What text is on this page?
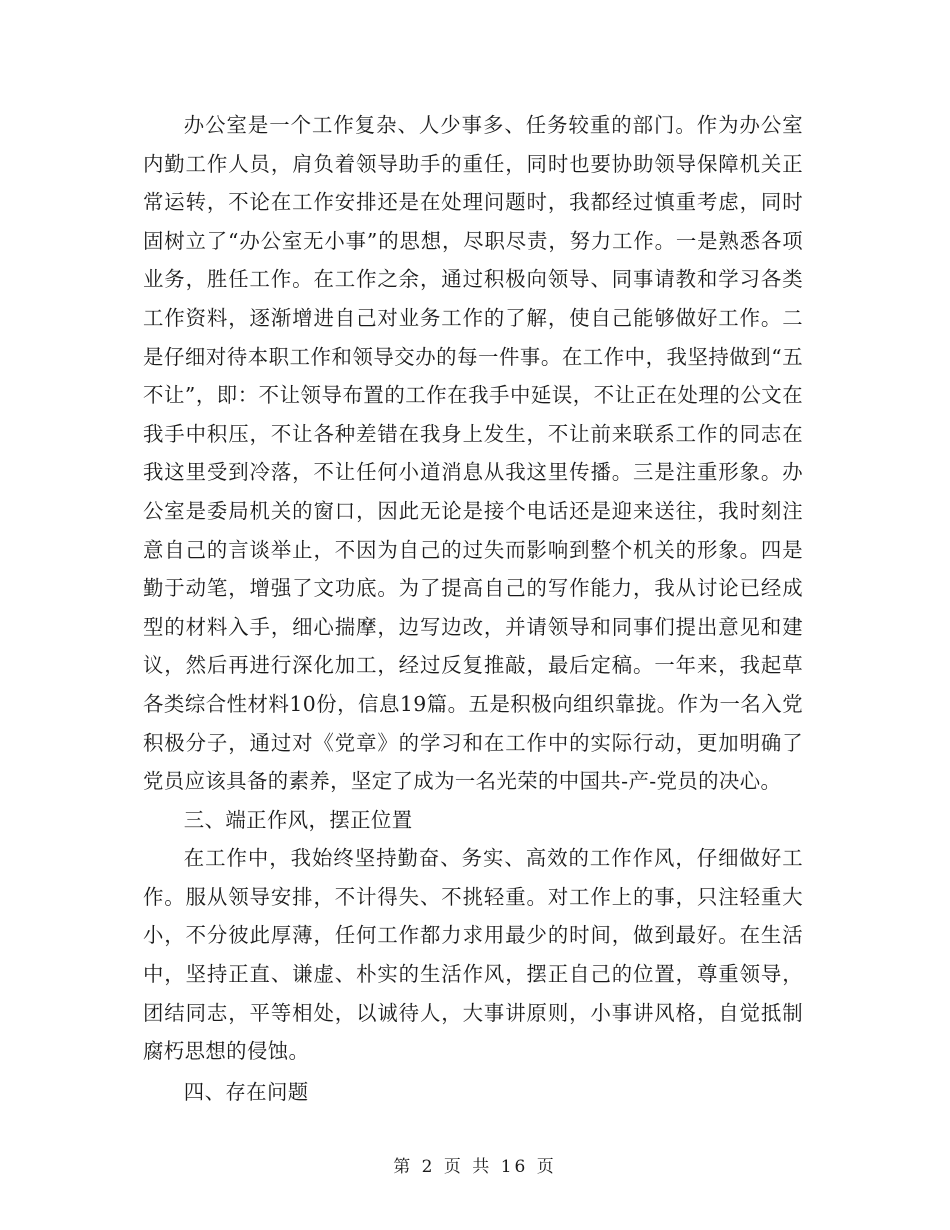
办公室是一个工作复杂、人少事多、任务较重的部门。作为办公室内勤工作人员，肩负着领导助手的重任，同时也要协助领导保障机关正常运转，不论在工作安排还是在处理问题时，我都经过慎重考虑，同时固树立了“办公室无小事”的思想，尽职尽责，努力工作。一是熟悉各项业务，胜任工作。在工作之余，通过积极向领导、同事请教和学习各类工作资料，逐渐增进自己对业务工作的了解，使自己能够做好工作。二是仔细对待本职工作和领导交办的每一件事。在工作中，我坚持做到“五不让”，即：不让领导布置的工作在我手中延误，不让正在处理的公文在我手中积压，不让各种差错在我身上发生，不让前来联系工作的同志在我这里受到冷落，不让任何小道消息从我这里传播。三是注重形象。办公室是委局机关的窗口，因此无论是接个电话还是迎来送往，我时刻注意自己的言谈举止，不因为自己的过失而影响到整个机关的形象。四是勤于动笔，增强了文功底。为了提高自己的写作能力，我从讨论已经成型的材料入手，细心揣摩，边写边改，并请领导和同事们提出意见和建议，然后再进行深化加工，经过反复推敲，最后定稿。一年来，我起草各类综合性材料10份，信息19篇。五是积极向组织靠拢。作为一名入党积极分子，通过对《党章》的学习和在工作中的实际行动，更加明确了党员应该具备的素养，坚定了成为一名光荣的中国共-产-党员的决心。

三、端正作风，摆正位置

在工作中，我始终坚持勤奋、务实、高效的工作作风，仔细做好工作。服从领导安排，不计得失、不挑轻重。对工作上的事，只注轻重大小，不分彼此厚薄，任何工作都力求用最少的时间，做到最好。在生活中，坚持正直、谦虚、朴实的生活作风，摆正自己的位置，尊重领导，团结同志，平等相处，以诚待人，大事讲原则，小事讲风格，自觉抵制腐朽思想的侵蚀。

四、存在问题

第 2 页 共 16 页
